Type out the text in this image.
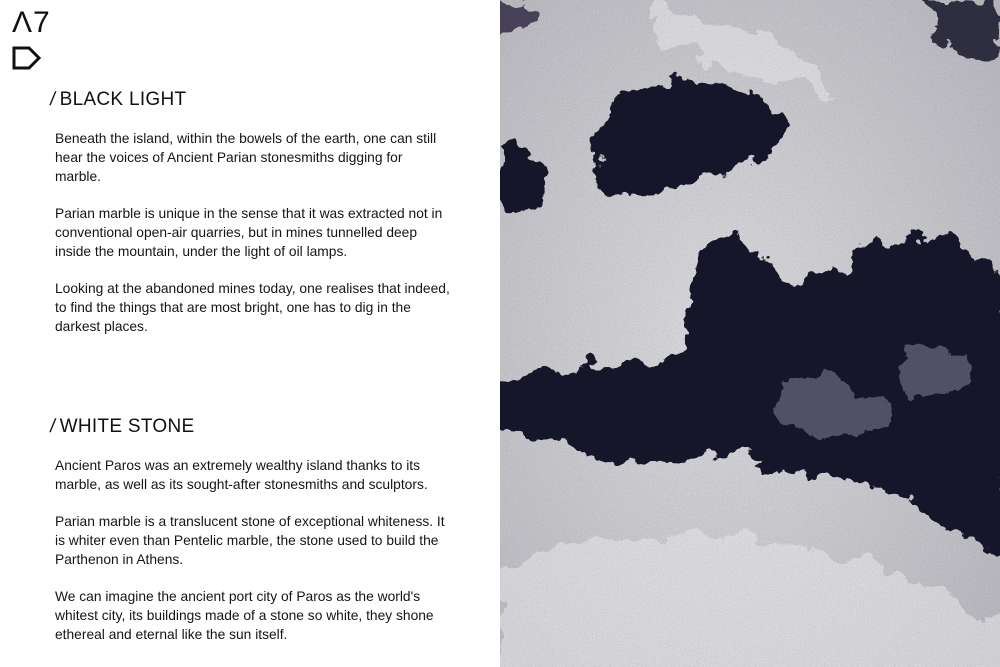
Λ7
/ BLACK LIGHT

Beneath the island, within the bowels of the earth, one can still hear the voices of Ancient Parian stonesmiths digging for marble.

Parian marble is unique in the sense that it was extracted not in conventional open-air quarries, but in mines tunnelled deep inside the mountain, under the light of oil lamps.

Looking at the abandoned mines today, one realises that indeed, to find the things that are most bright, one has to dig in the darkest places.

/ WHITE STONE

Ancient Paros was an extremely wealthy island thanks to its marble, as well as its sought-after stonesmiths and sculptors.

Parian marble is a translucent stone of exceptional whiteness. It is whiter even than Pentelic marble, the stone used to build the Parthenon in Athens.

We can imagine the ancient port city of Paros as the world's whitest city, its buildings made of a stone so white, they shone ethereal and eternal like the sun itself.
